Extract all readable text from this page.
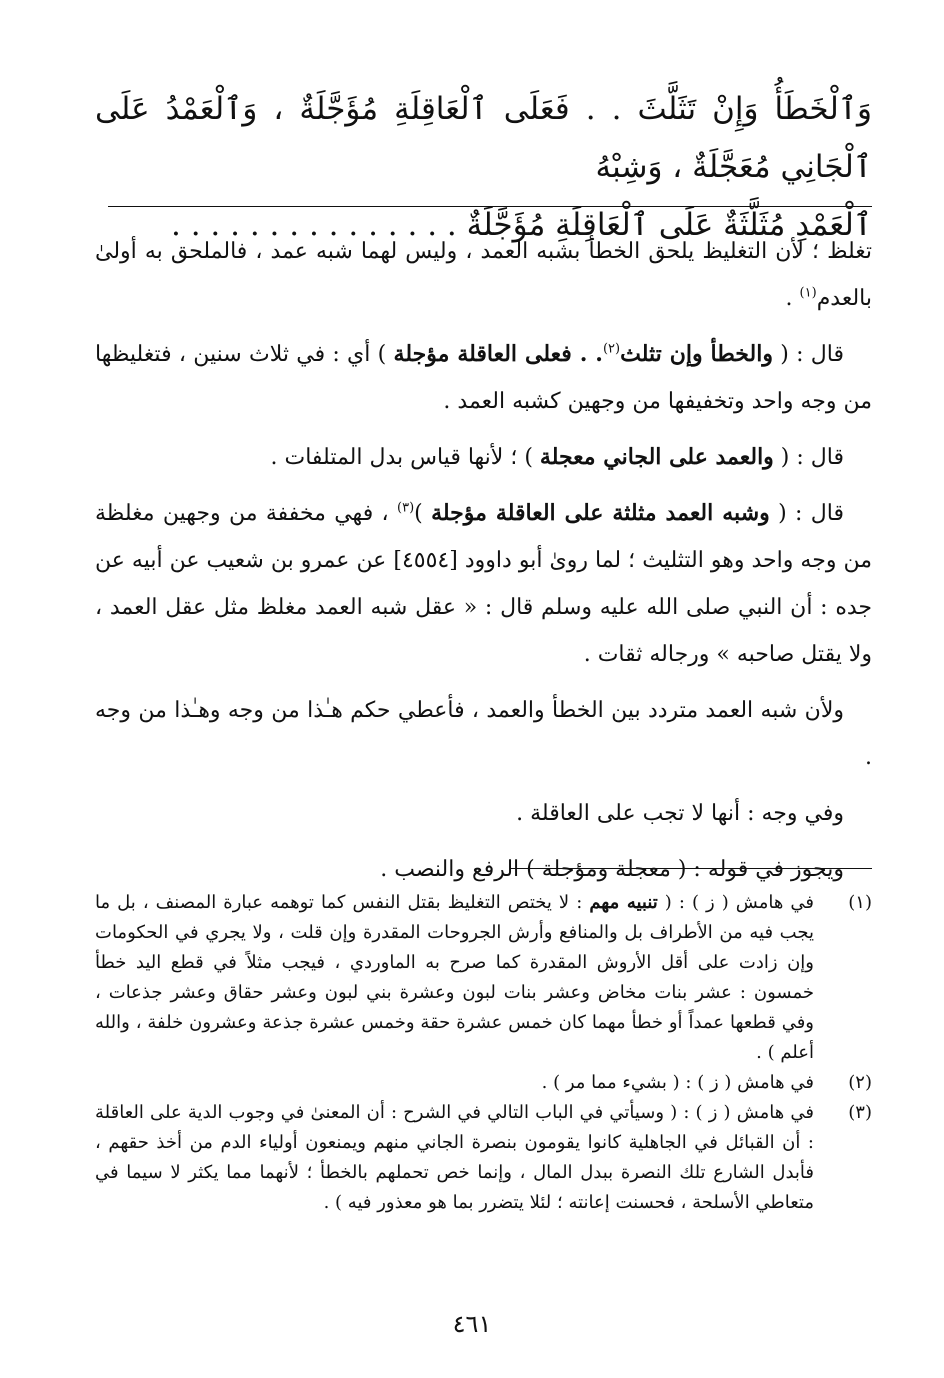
وَٱلْخَطَأُ وَإِنْ تَثَلَّثَ . . فَعَلَى ٱلْعَاقِلَةِ مُؤَجَّلَةٌ ، وَٱلْعَمْدُ عَلَى ٱلْجَانِي مُعَجَّلَةٌ ، وَشِبْهُ

ٱلْعَمْدِ مُثَلَّثَةٌ عَلَى ٱلْعَاقِلَةِ مُؤَجَّلَةٌ . . . . . . . . . . . . . . .

تغلظ ؛ لأن التغليظ يلحق الخطأ بشبه العمد ، وليس لهما شبه عمد ، فالملحق به أولىٰ بالعدم$^{(١)}$ .

قال : ( والخطأ وإن تثلث$^{(٢)}$. . فعلى العاقلة مؤجلة ) أي : في ثلاث سنين ، فتغليظها من وجه واحد وتخفيفها من وجهين كشبه العمد .

قال : ( والعمد على الجاني معجلة ) ؛ لأنها قياس بدل المتلفات .

قال : ( وشبه العمد مثلثة على العاقلة مؤجلة )$^{(٣)}$ ، فهي مخففة من وجهين مغلظة من وجه واحد وهو التثليث ؛ لما روىٰ أبو داوود [٤٥٥٤] عن عمرو بن شعيب عن أبيه عن جده : أن النبي صلى الله عليه وسلم قال : « عقل شبه العمد مغلظ مثل عقل العمد ، ولا يقتل صاحبه » ورجاله ثقات .

ولأن شبه العمد متردد بين الخطأ والعمد ، فأعطي حكم هـٰذا من وجه وهـٰذا من وجه .

وفي وجه : أنها لا تجب على العاقلة .

ويجوز في قوله : ( معجلة ومؤجلة ) الرفع والنصب .

(١)

في هامش ( ز ) : ( تنبيه مهم : لا يختص التغليظ بقتل النفس كما توهمه عبارة المصنف ، بل ما يجب فيه من الأطراف بل والمنافع وأرش الجروحات المقدرة وإن قلت ، ولا يجري في الحكومات وإن زادت على أقل الأروش المقدرة كما صرح به الماوردي ، فيجب مثلاً في قطع اليد خطأ خمسون : عشر بنات مخاض وعشر بنات لبون وعشرة بني لبون وعشر حقاق وعشر جذعات ، وفي قطعها عمداً أو خطأ مهما كان خمس عشرة حقة وخمس عشرة جذعة وعشرون خلفة ، والله أعلم ) .

(٢)

في هامش ( ز ) : ( بشيء مما مر ) .

(٣)

في هامش ( ز ) : ( وسيأتي في الباب التالي في الشرح : أن المعنىٰ في وجوب الدية على العاقلة : أن القبائل في الجاهلية كانوا يقومون بنصرة الجاني منهم ويمنعون أولياء الدم من أخذ حقهم ، فأبدل الشارع تلك النصرة ببدل المال ، وإنما خص تحملهم بالخطأ ؛ لأنهما مما يكثر لا سيما في متعاطي الأسلحة ، فحسنت إعانته ؛ لئلا يتضرر بما هو معذور فيه ) .

٤٦١
